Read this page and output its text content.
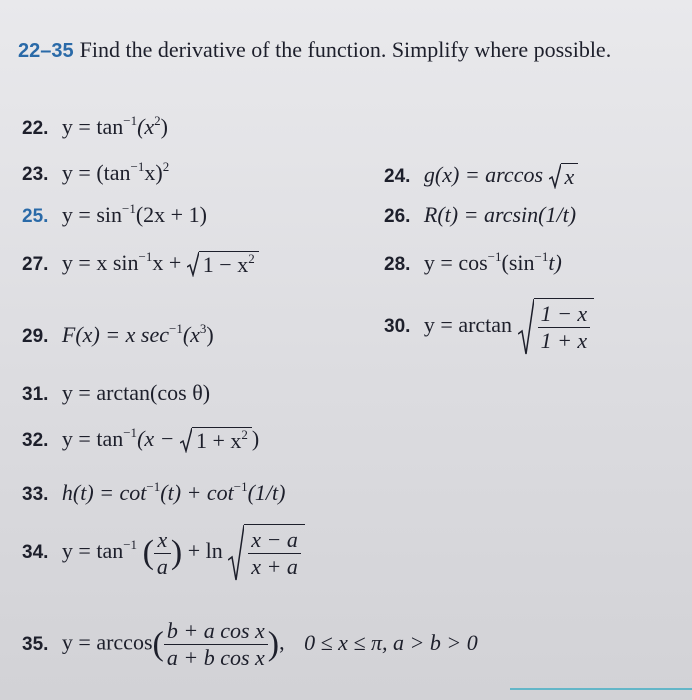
22–35 Find the derivative of the function. Simplify where possible.
22. $y = \tan^{-1}(x^2)$
23. $y = (\tan^{-1}x)^2$	24. g(x) = arccos x
25. $y = \sin^{-1}(2x + 1)$	26. R(t) = arcsin(1/t)
27. y = x $\sin^{-1}x + 1 - x^2$	28. $y = \cos^{-1}(\sin^{-1}t)$
29. F(x) = x $\sec^{-1}(x^3)$	30. $y = \arctan \frac{1 - x}{1 + x}$
31. y = arctan(cos θ)
32. $y = \tan^{-1}(x - 1 + x^2$ )
33. $h(t) = \cot^{-1}(t) + \cot^{-1}(1/t)$
34. $y = \tan^{-1}$ ( $\frac{x}{a}$ ) + $\ln \frac{x - a}{x + a}$
35. $y = \arccos( \frac{\text{b + a cos x}}{\text{a + b cos x}}$ ), 0 ≤ x ≤ π, a > b > 0
